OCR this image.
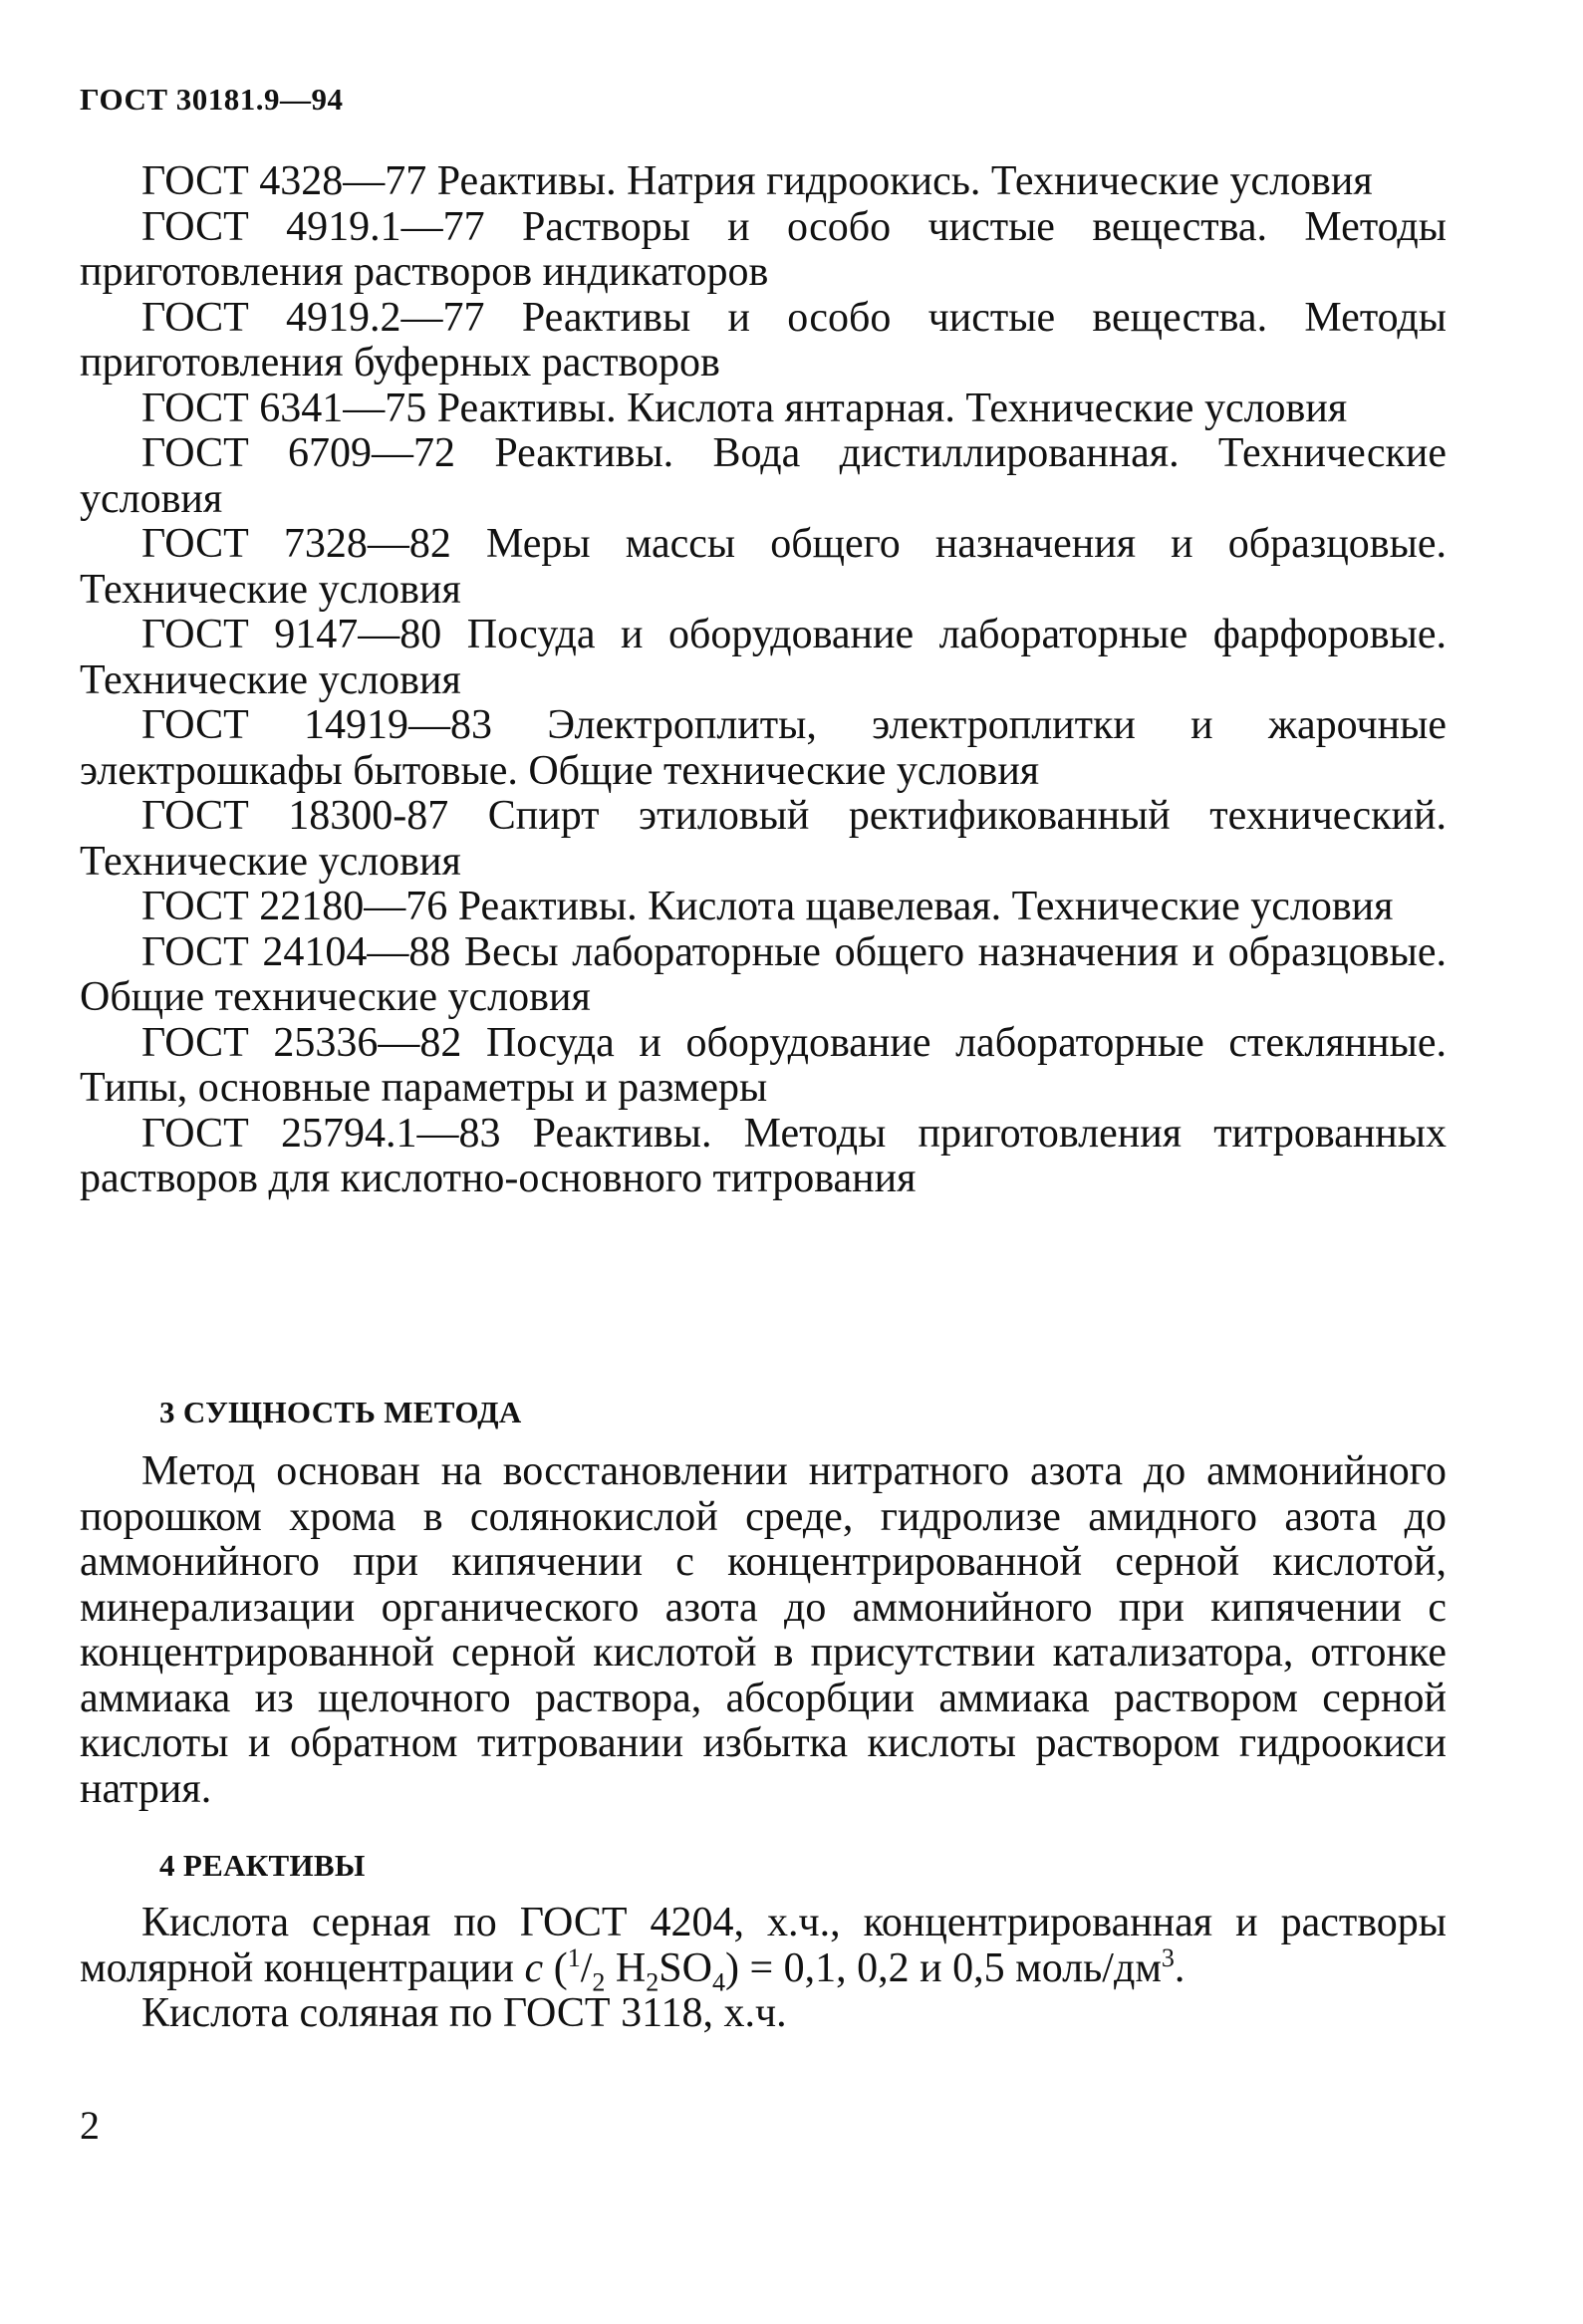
ГОСТ 30181.9—94

ГОСТ 4328—77 Реактивы. Натрия гидроокись. Технические условия

ГОСТ 4919.1—77 Растворы и особо чистые вещества. Методы приготовления растворов индикаторов

ГОСТ 4919.2—77 Реактивы и особо чистые вещества. Методы приготовления буферных растворов

ГОСТ 6341—75 Реактивы. Кислота янтарная. Технические условия

ГОСТ 6709—72 Реактивы. Вода дистиллированная. Технические условия

ГОСТ 7328—82 Меры массы общего назначения и образцовые. Технические условия

ГОСТ 9147—80 Посуда и оборудование лабораторные фарфоровые. Технические условия

ГОСТ 14919—83 Электроплиты, электроплитки и жарочные электрошкафы бытовые. Общие технические условия

ГОСТ 18300-87 Спирт этиловый ректификованный технический. Технические условия

ГОСТ 22180—76 Реактивы. Кислота щавелевая. Технические условия

ГОСТ 24104—88 Весы лабораторные общего назначения и образцовые. Общие технические условия

ГОСТ 25336—82 Посуда и оборудование лабораторные стеклянные. Типы, основные параметры и размеры

ГОСТ 25794.1—83 Реактивы. Методы приготовления титрованных растворов для кислотно-основного титрования

3 СУЩНОСТЬ МЕТОДА

Метод основан на восстановлении нитратного азота до аммонийного порошком хрома в солянокислой среде, гидролизе амидного азота до аммонийного при кипячении с концентрированной серной кислотой, минерализации органического азота до аммонийного при кипячении с концентрированной серной кислотой в присутствии катализатора, отгонке аммиака из щелочного раствора, абсорбции аммиака раствором серной кислоты и обратном титровании избытка кислоты раствором гидроокиси натрия.

4 РЕАКТИВЫ

Кислота серная по ГОСТ 4204, х.ч., концентрированная и растворы молярной концентрации c ($^1/_2$ $H_2SO_4) = 0,1$, 0,2 и 0,5 моль/$дм^3$.

Кислота соляная по ГОСТ 3118, х.ч.

2
